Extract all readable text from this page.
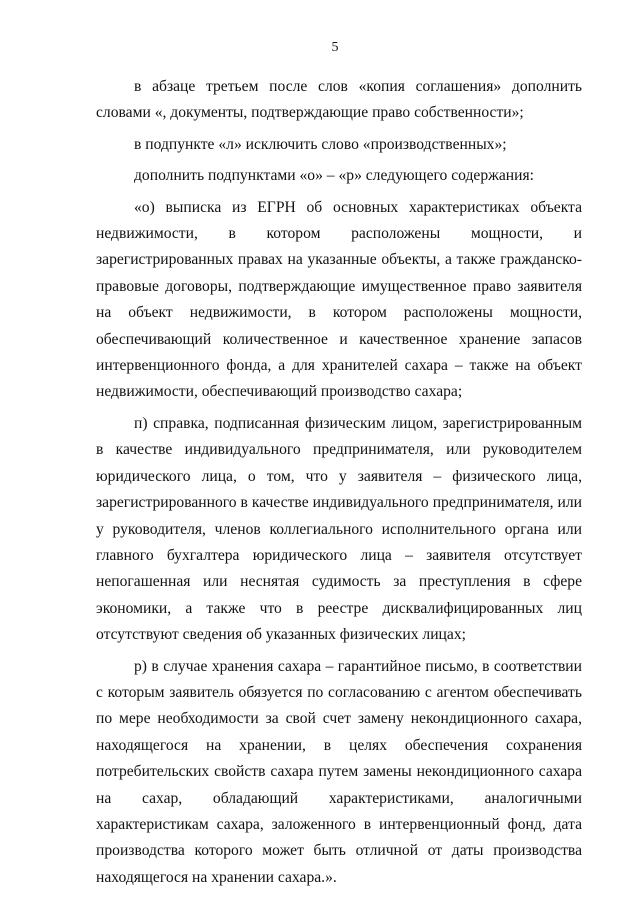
5

в абзаце третьем после слов «копия соглашения» дополнить словами «, документы, подтверждающие право собственности»;

в подпункте «л» исключить слово «производственных»;

дополнить подпунктами «о» – «р» следующего содержания:

«о) выписка из ЕГРН об основных характеристиках объекта недвижимости, в котором расположены мощности, и зарегистрированных правах на указанные объекты, а также гражданско-правовые договоры, подтверждающие имущественное право заявителя на объект недвижимости, в котором расположены мощности, обеспечивающий количественное и качественное хранение запасов интервенционного фонда, а для хранителей сахара – также на объект недвижимости, обеспечивающий производство сахара;

п) справка, подписанная физическим лицом, зарегистрированным в качестве индивидуального предпринимателя, или руководителем юридического лица, о том, что у заявителя – физического лица, зарегистрированного в качестве индивидуального предпринимателя, или у руководителя, членов коллегиального исполнительного органа или главного бухгалтера юридического лица – заявителя отсутствует непогашенная или неснятая судимость за преступления в сфере экономики, а также что в реестре дисквалифицированных лиц отсутствуют сведения об указанных физических лицах;

р) в случае хранения сахара – гарантийное письмо, в соответствии с которым заявитель обязуется по согласованию с агентом обеспечивать по мере необходимости за свой счет замену некондиционного сахара, находящегося на хранении, в целях обеспечения сохранения потребительских свойств сахара путем замены некондиционного сахара на сахар, обладающий характеристиками, аналогичными характеристикам сахара, заложенного в интервенционный фонд, дата производства которого может быть отличной от даты производства находящегося на хранении сахара.».
